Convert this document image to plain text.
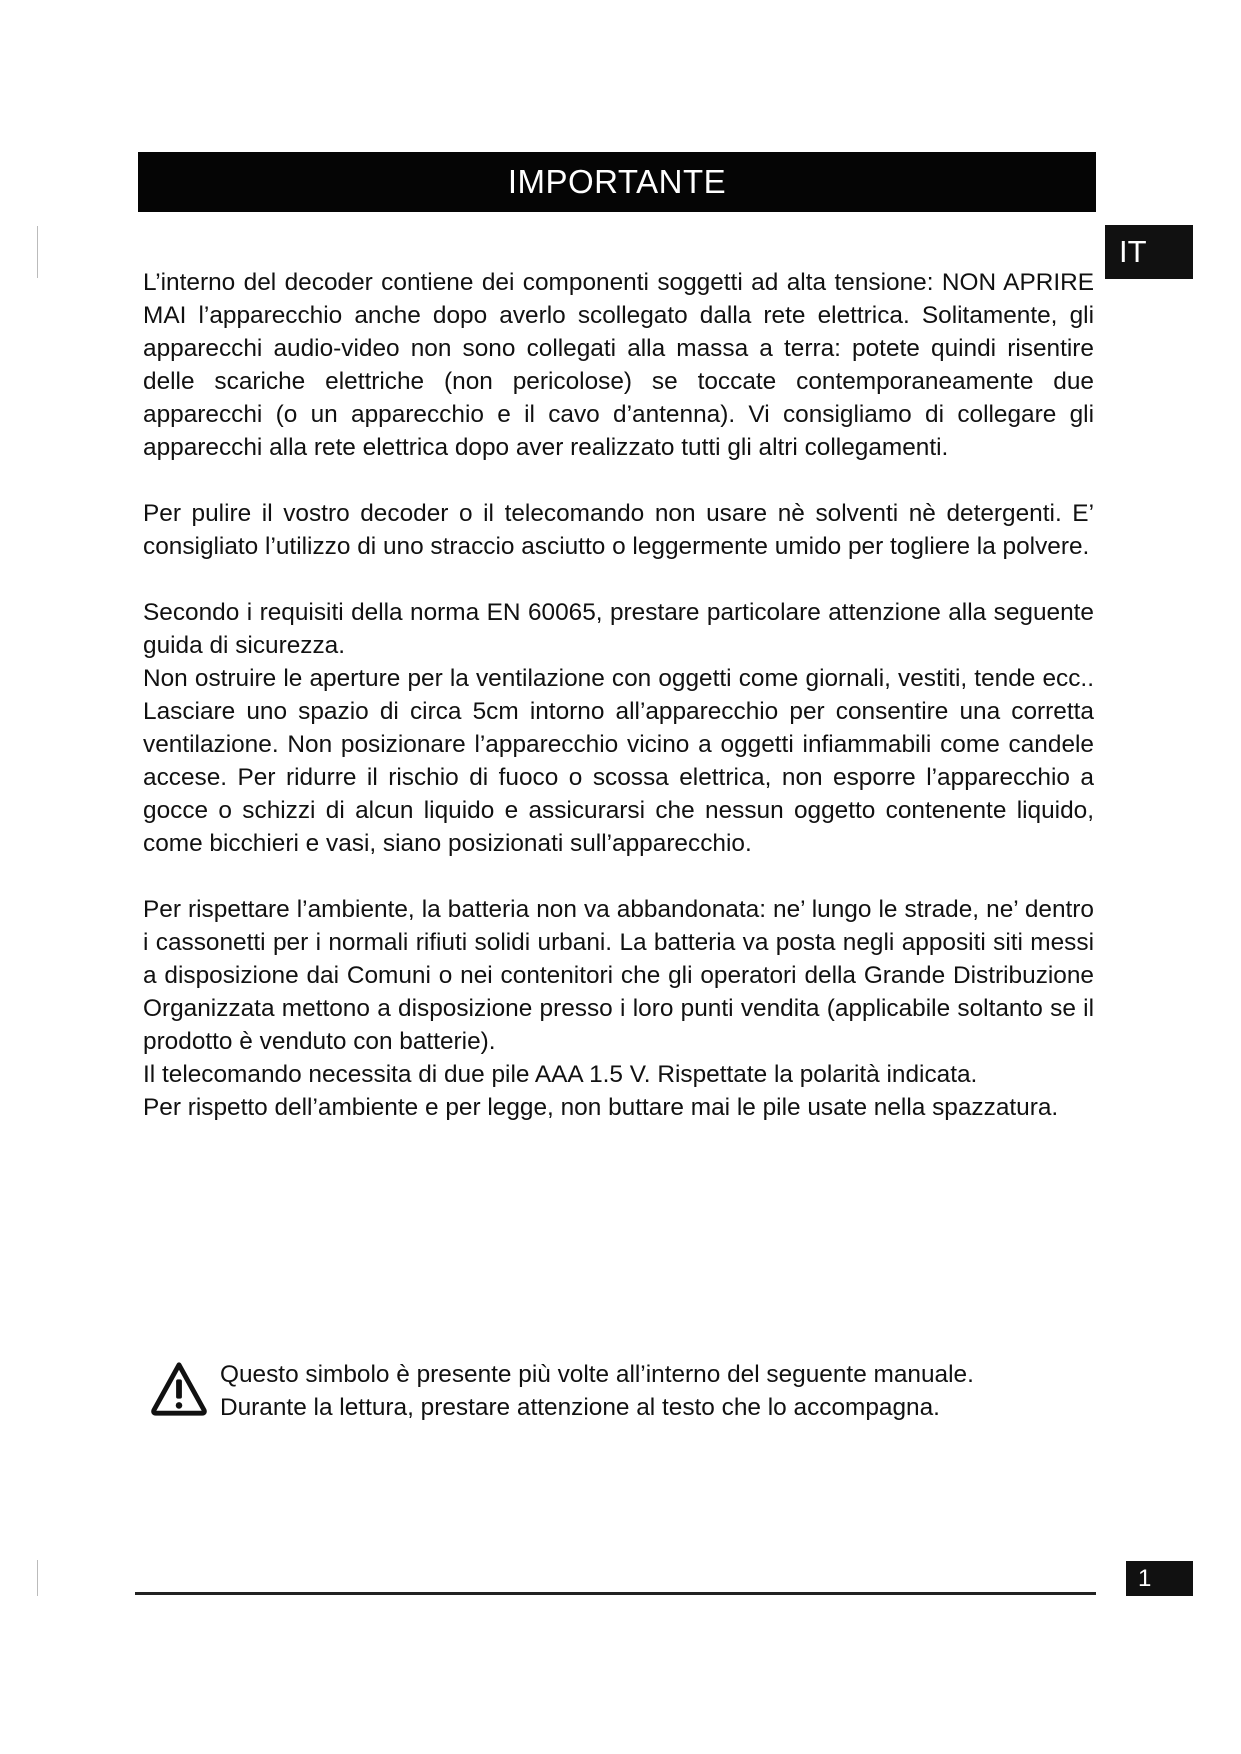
IMPORTANTE
IT

L’interno del decoder contiene dei componenti soggetti ad alta tensione: NON APRIRE MAI l’apparecchio anche dopo averlo scollegato dalla rete elettrica. Solitamente, gli apparecchi audio-video non sono collegati alla massa a terra: potete quindi risentire delle scariche elettriche (non pericolose) se toccate contemporaneamente due apparecchi (o un apparecchio e il cavo d’antenna). Vi consigliamo di collegare gli apparecchi alla rete elettrica dopo aver realizzato tutti gli altri collegamenti.

Per pulire il vostro decoder o il telecomando non usare nè solventi nè detergenti. E’ consigliato l’utilizzo di uno straccio asciutto o leggermente umido per togliere la polvere.

Secondo i requisiti della norma EN 60065, prestare particolare attenzione alla seguente guida di sicurezza.

Non ostruire le aperture per la ventilazione con oggetti come giornali, vestiti, tende ecc.. Lasciare uno spazio di circa 5cm intorno all’apparecchio per consentire una corretta ventilazione. Non posizionare l’apparecchio vicino a oggetti infiammabili come candele accese. Per ridurre il rischio di fuoco o scossa elettrica, non esporre l’apparecchio a gocce o schizzi di alcun liquido e assicurarsi che nessun oggetto contenente liquido, come bicchieri e vasi, siano posizionati sull’apparecchio.

Per rispettare l’ambiente, la batteria non va abbandonata: ne’ lungo le strade, ne’ dentro i cassonetti per i normali rifiuti solidi urbani. La batteria va posta negli appositi siti messi a disposizione dai Comuni o nei contenitori che gli operatori della Grande Distribuzione Organizzata mettono a disposizione presso i loro punti vendita (applicabile soltanto se il prodotto è venduto con batterie).

Il telecomando necessita di due pile AAA 1.5 V. Rispettate la polarità indicata.

Per rispetto dell’ambiente e per legge, non buttare mai le pile usate nella spazzatura.

Questo simbolo è presente più volte all’interno del seguente manuale.
Durante la lettura, prestare attenzione al testo che lo accompagna.
1
